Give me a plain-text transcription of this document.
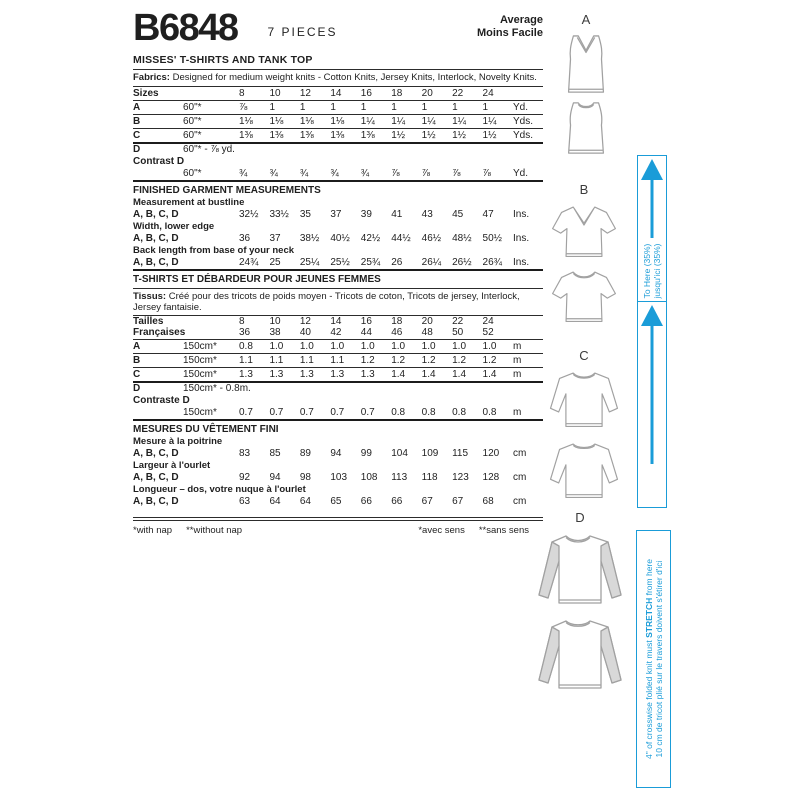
B6848	7 PIECES
Average
Moins Facile
MISSES' T-SHIRTS AND TANK TOP
Fabrics: Designed for medium weight knits - Cotton Knits, Jersey Knits, Interlock, Novelty Knits.
Sizes	8	10	12	14	16	18	20	22	24
A	60"*	⅞	1	1	1	1	1	1	1	1	Yd.
B	60"*	1⅛	1⅛	1⅛	1⅛	1¼	1¼	1¼	1¼	1¼	Yds.
C	60"*	1⅜	1⅜	1⅜	1⅜	1⅜	1½	1½	1½	1½	Yds.
D	60"* - ⅞ yd.
Contrast D
60"*	¾	¾	¾	¾	¾	⅞	⅞	⅞	⅞	Yd.
FINISHED GARMENT MEASUREMENTS
Measurement at bustline
A, B, C, D	32½	33½	35	37	39	41	43	45	47	Ins.
Width, lower edge
A, B, C, D	36	37	38½	40½	42½	44½	46½	48½	50½	Ins.
Back length from base of your neck
A, B, C, D	24¾	25	25¼	25½	25¾	26	26¼	26½	26¾	Ins.
T-SHIRTS ET DÉBARDEUR POUR JEUNES FEMMES
Tissus: Créé pour des tricots de poids moyen - Tricots de coton, Tricots de jersey, Interlock, Jersey fantaisie.
Tailles	8	10	12	14	16	18	20	22	24
Françaises	36	38	40	42	44	46	48	50	52
A	150cm*	0.8	1.0	1.0	1.0	1.0	1.0	1.0	1.0	1.0	m
B	150cm*	1.1	1.1	1.1	1.1	1.2	1.2	1.2	1.2	1.2	m
C	150cm*	1.3	1.3	1.3	1.3	1.3	1.4	1.4	1.4	1.4	m
D	150cm* - 0.8m.
Contraste D
150cm*	0.7	0.7	0.7	0.7	0.7	0.8	0.8	0.8	0.8	m
MESURES DU VÊTEMENT FINI
Mesure à la poitrine
A, B, C, D	83	85	89	94	99	104	109	115	120	cm
Largeur à l'ourlet
A, B, C, D	92	94	98	103	108	113	118	123	128	cm
Longueur – dos, votre nuque à l'ourlet
A, B, C, D	63	64	64	65	66	66	67	67	68	cm
*with nap **without nap	*avec sens **sans sens
A
B
C
D
To Here (35%) jusqu'ici (35%)
4" of crosswise folded knit must STRETCH from here 10 cm de tricot plié sur le travers doivent s'étirer d'ici
